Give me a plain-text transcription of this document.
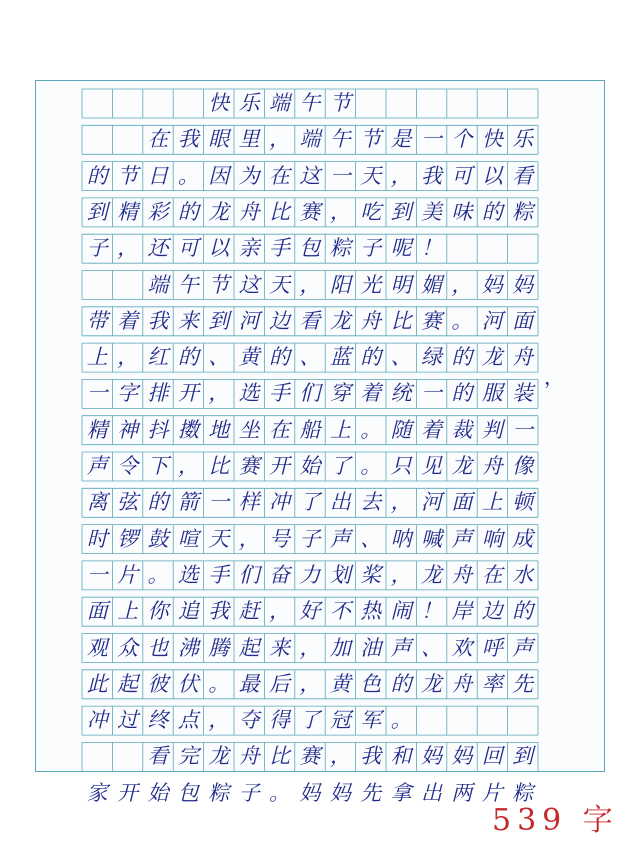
快 乐 端 午 节
在 我 眼 里 ， 端 午 节 是 一 个 快 乐
的 节 日 。 因 为 在 这 一 天 ， 我 可 以 看
到 精 彩 的 龙 舟 比 赛 ， 吃 到 美 味 的 粽
子 ， 还 可 以 亲 手 包 粽 子 呢 ！
端 午 节 这 天 ， 阳 光 明 媚 ， 妈 妈
带 着 我 来 到 河 边 看 龙 舟 比 赛 。 河 面
上 ， 红 的 、 黄 的 、 蓝 的 、 绿 的 龙 舟
一 字 排 开 ， 选 手 们 穿 着 统 一 的 服 装
精 神 抖 擞 地 坐 在 船 上 。 随 着 裁 判 一
声 令 下 ， 比 赛 开 始 了 。 只 见 龙 舟 像
离 弦 的 箭 一 样 冲 了 出 去 ， 河 面 上 顿
时 锣 鼓 喧 天 ， 号 子 声 、 呐 喊 声 响 成
一 片 。 选 手 们 奋 力 划 桨 ， 龙 舟 在 水
面 上 你 追 我 赶 ， 好 不 热 闹 ！ 岸 边 的
观 众 也 沸 腾 起 来 ， 加 油 声 、 欢 呼 声
此 起 彼 伏 。 最 后 ， 黄 色 的 龙 舟 率 先
冲 过 终 点 ， 夺 得 了 冠 军 。
看 完 龙 舟 比 赛 ， 我 和 妈 妈 回 到
家 开 始 包 粽 子 。 妈 妈 先 拿 出 两 片 粽
，
539 字
